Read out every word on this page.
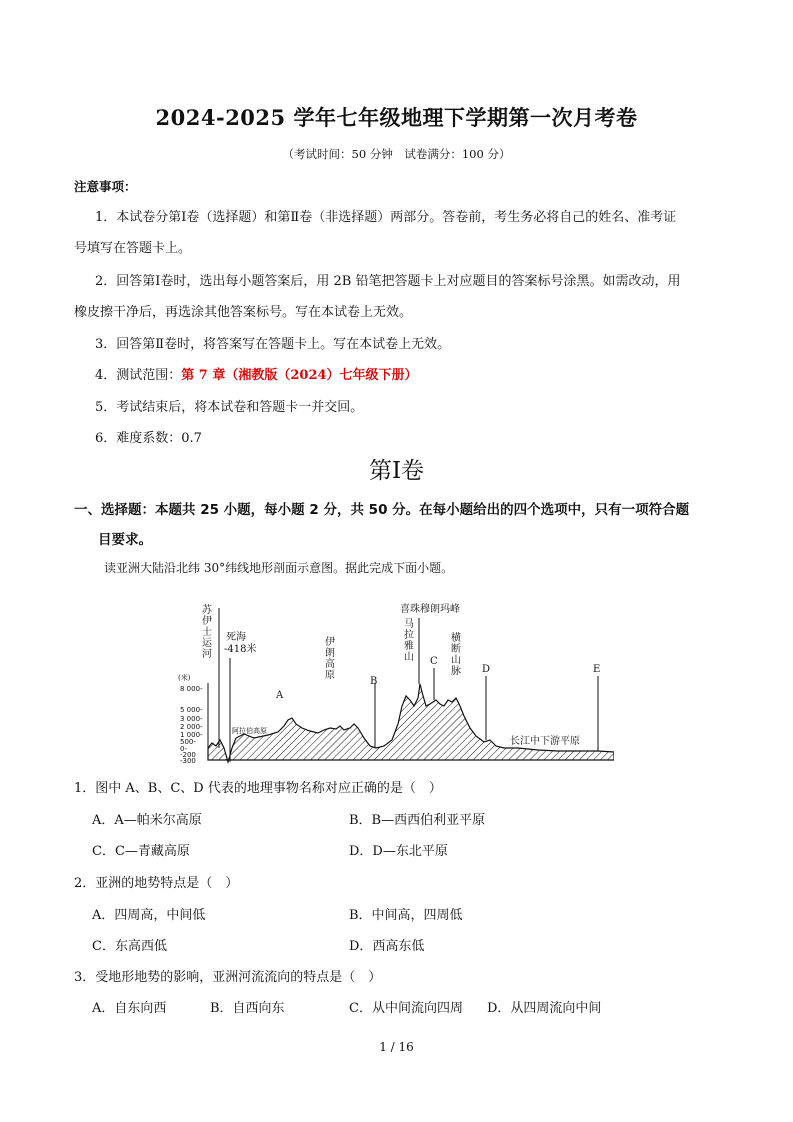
2024-2025 学年七年级地理下学期第一次月考卷
（考试时间：50 分钟　试卷满分：100 分）
注意事项：
1．本试卷分第Ⅰ卷（选择题）和第Ⅱ卷（非选择题）两部分。答卷前，考生务必将自己的姓名、准考证
号填写在答题卡上。
2．回答第Ⅰ卷时，选出每小题答案后，用 2B 铅笔把答题卡上对应题目的答案标号涂黑。如需改动，用
橡皮擦干净后，再选涂其他答案标号。写在本试卷上无效。
3．回答第Ⅱ卷时，将答案写在答题卡上。写在本试卷上无效。
4．测试范围：第 7 章（湘教版（2024）七年级下册）
5．考试结束后，将本试卷和答题卡一并交回。
6．难度系数：0.7
第Ⅰ卷
一、选择题：本题共 25 小题，每小题 2 分，共 50 分。在每小题给出的四个选项中，只有一项符合题
目要求。
读亚洲大陆沿北纬 30°纬线地形剖面示意图。据此完成下面小题。
(米)
8 000-
5 000-
3 000-
2 000-
1 000-
500-
0-
-200
-300
苏伊士运河 死海
-418米	伊朗高原
喜珠穆朗玛峰
马拉雅山	横断山脉
阿拉伯高原
长江中下游平原
A
B
C
D	E
1．图中 A、B、C、D 代表的地理事物名称对应正确的是（　）
A．A—帕米尔高原	B．B—西西伯利亚平原
C．C—青藏高原	D．D—东北平原
2．亚洲的地势特点是（　）
A．四周高，中间低	B．中间高，四周低
C．东高西低	D．西高东低
3．受地形地势的影响，亚洲河流流向的特点是（　）
A．自东向西	B．自西向东	C．从中间流向四周 D．从四周流向中间
1 / 16
